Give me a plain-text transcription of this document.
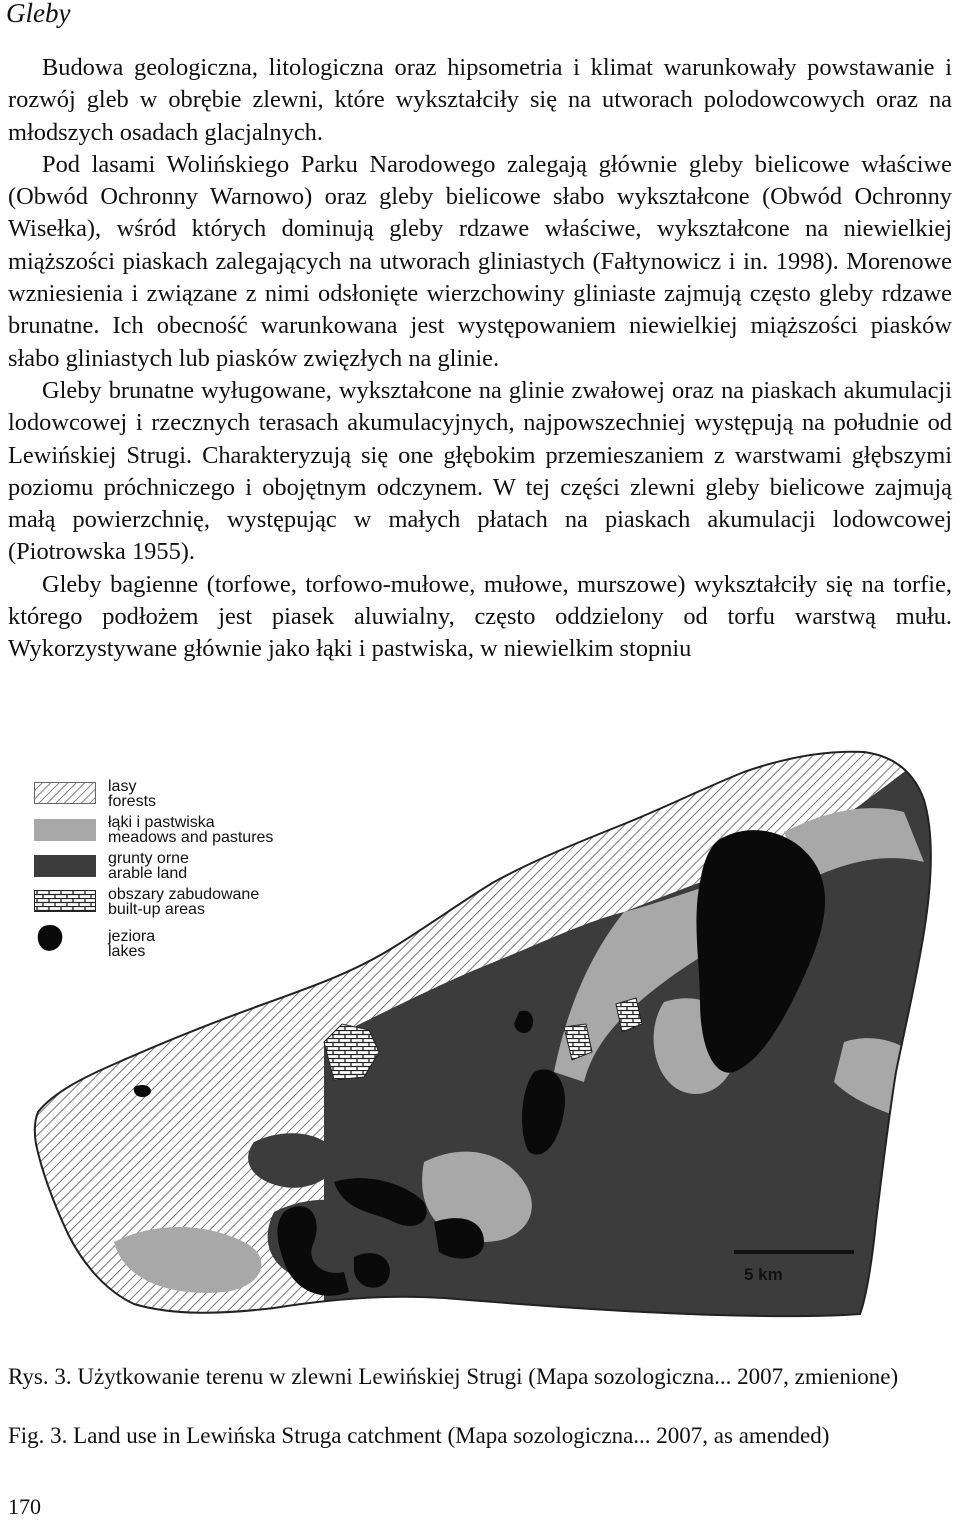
Gleby

Budowa geologiczna, litologiczna oraz hipsometria i klimat warunkowały powstawanie i rozwój gleb w obrębie zlewni, które wykształciły się na utworach polodowcowych oraz na młodszych osadach glacjalnych.

Pod lasami Wolińskiego Parku Narodowego zalegają głównie gleby bielicowe właściwe (Obwód Ochronny Warnowo) oraz gleby bielicowe słabo wykształcone (Obwód Ochronny Wisełka), wśród których dominują gleby rdzawe właściwe, wykształcone na niewielkiej miąższości piaskach zalegających na utworach gliniastych (Fałtynowicz i in. 1998). Morenowe wzniesienia i związane z nimi odsłonięte wierzchowiny gliniaste zajmują często gleby rdzawe brunatne. Ich obecność warunkowana jest występowaniem niewielkiej miąższości piasków słabo gliniastych lub piasków zwięzłych na glinie.

Gleby brunatne wyługowane, wykształcone na glinie zwałowej oraz na piaskach akumulacji lodowcowej i rzecznych terasach akumulacyjnych, najpowszechniej występują na południe od Lewińskiej Strugi. Charakteryzują się one głębokim przemieszaniem z warstwami głębszymi poziomu próchniczego i obojętnym odczynem. W tej części zlewni gleby bielicowe zajmują małą powierzchnię, występując w małych płatach na piaskach akumulacji lodowcowej (Piotrowska 1955).

Gleby bagienne (torfowe, torfowo-mułowe, mułowe, murszowe) wykształciły się na torfie, którego podłożem jest piasek aluwialny, często oddzielony od torfu warstwą mułu. Wykorzystywane głównie jako łąki i pastwiska, w niewielkim stopniu

lasy
forests
łąki i pastwiska
meadows and pastures
grunty orne
arable land
obszary zabudowane
built-up areas
jeziora
lakes
5 km
Rys. 3. Użytkowanie terenu w zlewni Lewińskiej Strugi (Mapa sozologiczna... 2007, zmienione)
Fig. 3. Land use in Lewińska Struga catchment (Mapa sozologiczna... 2007, as amended)
170
